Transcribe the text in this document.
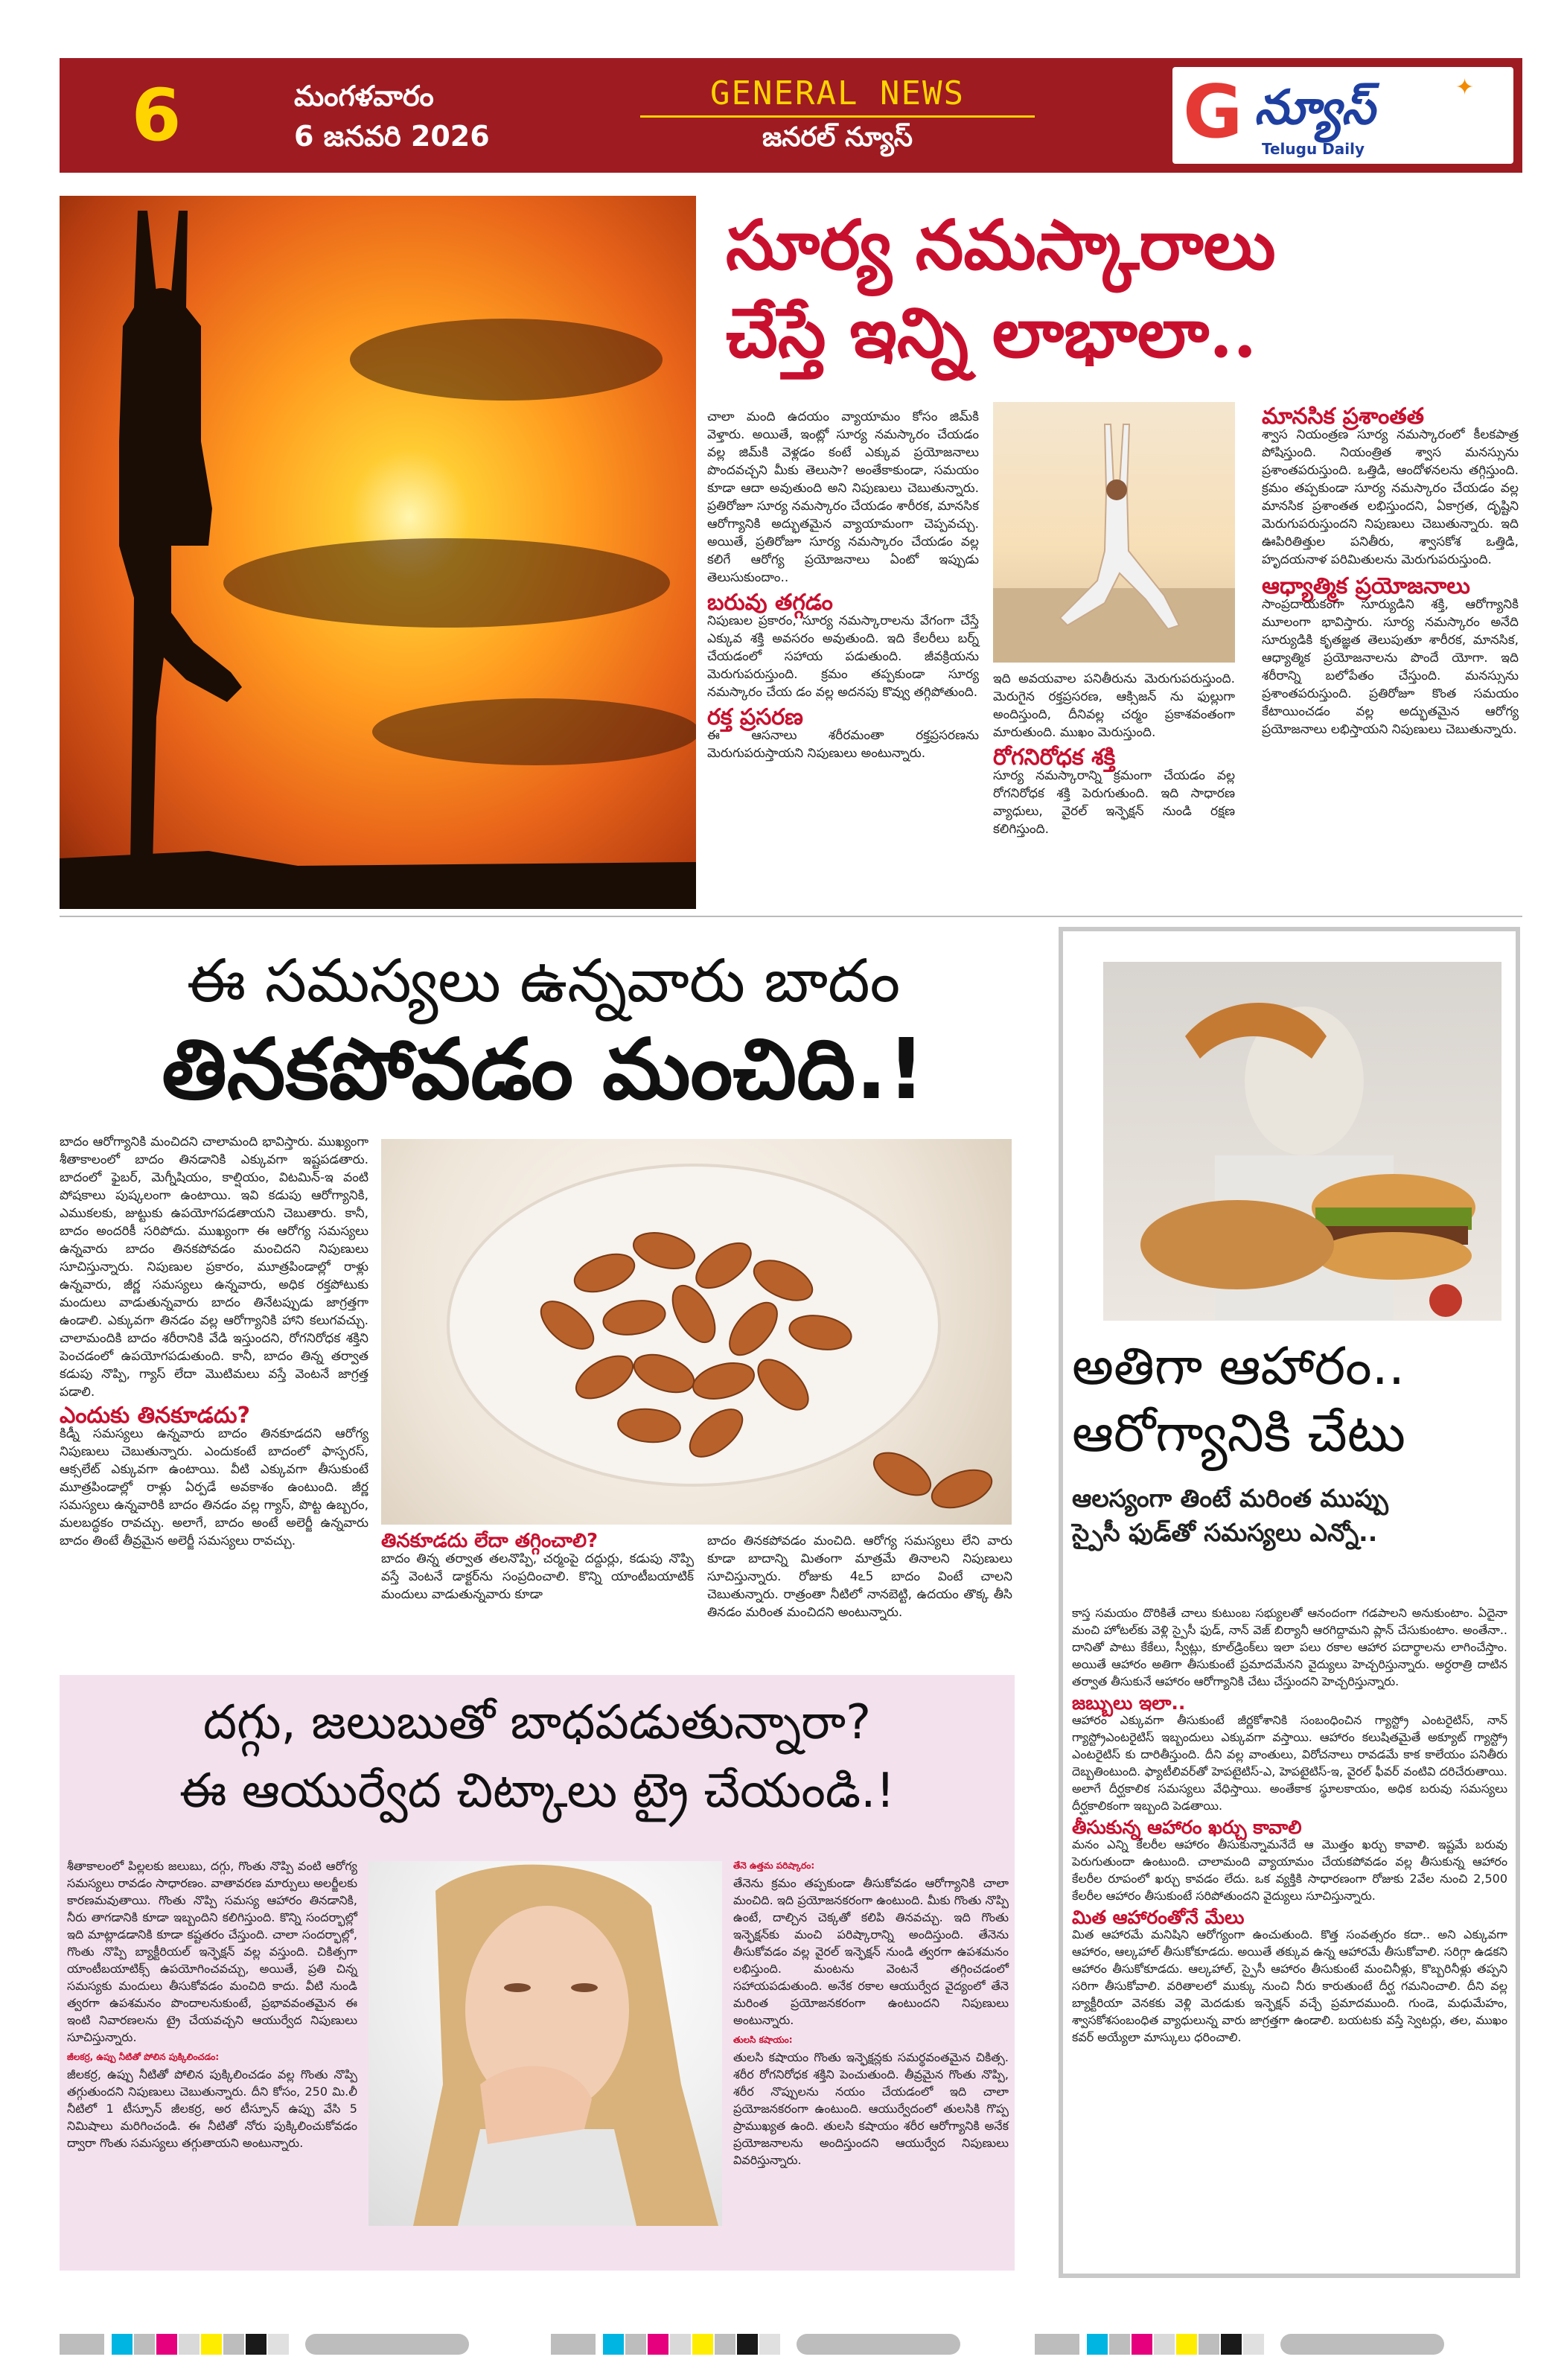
6	మంగళవారం
6 జనవరి 2026
GENERAL NEWS
జనరల్ న్యూస్	G న్యూస్	✦
Telugu Daily
సూర్య నమస్కారాలు
చేస్తే ఇన్ని లాభాలా..
చాలా మంది ఉదయం వ్యాయామం కోసం జిమ్‌కి వెళ్తారు. అయితే, ఇంట్లో సూర్య నమస్కారం చేయడం వల్ల జిమ్‌కి వెళ్లడం కంటే ఎక్కువ ప్రయోజనాలు పొందవచ్చని మీకు తెలుసా? అంతేకాకుండా, సమయం కూడా ఆదా అవుతుంది అని నిపుణులు చెబుతున్నారు. ప్రతిరోజూ సూర్య నమస్కారం చేయడం శారీరక, మానసిక ఆరోగ్యానికి అద్భుతమైన వ్యాయామంగా చెప్పవచ్చు. అయితే, ప్రతిరోజూ సూర్య నమస్కారం చేయడం వల్ల కలిగే ఆరోగ్య ప్రయోజనాలు ఏంటో ఇప్పుడు తెలుసుకుందాం..
బరువు తగ్గడం
నిపుణుల ప్రకారం, సూర్య నమస్కారాలను వేగంగా చేస్తే ఎక్కువ శక్తి అవసరం అవుతుంది. ఇది కేలరీలు బర్న్ చేయడంలో సహాయ పడుతుంది. జీవక్రియను మెరుగుపరుస్తుంది. క్రమం తప్పకుండా సూర్య నమస్కారం చేయ డం వల్ల అదనపు కొవ్వు తగ్గిపోతుంది.
రక్త ప్రసరణ
ఈ ఆసనాలు శరీరమంతా రక్తప్రసరణను మెరుగుపరుస్తాయని నిపుణులు అంటున్నారు.
ఇది అవయవాల పనితీరును మెరుగుపరుస్తుంది. మెరుగైన రక్తప్రసరణ, ఆక్సిజన్ ను ఫుల్లుగా అందిస్తుంది, దీనివల్ల చర్మం ప్రకాశవంతంగా మారుతుంది. ముఖం మెరుస్తుంది.
రోగనిరోధక శక్తి
సూర్య నమస్కారాన్ని క్రమంగా చేయడం వల్ల రోగనిరోధక శక్తి పెరుగుతుంది. ఇది సాధారణ వ్యాధులు, వైరల్ ఇన్ఫెక్షన్ నుండి రక్షణ కలిగిస్తుంది.
మానసిక ప్రశాంతత
శ్వాస నియంత్రణ సూర్య నమస్కారంలో కీలకపాత్ర పోషిస్తుంది. నియంత్రిత శ్వాస మనస్సును ప్రశాంతపరుస్తుంది. ఒత్తిడి, ఆందోళనలను తగ్గిస్తుంది. క్రమం తప్పకుండా సూర్య నమస్కారం చేయడం వల్ల మానసిక ప్రశాంతత లభిస్తుందని, ఏకాగ్రత, దృష్టిని మెరుగుపరుస్తుందని నిపుణులు చెబుతున్నారు. ఇది ఊపిరితిత్తుల పనితీరు, శ్వాసకోశ ఒత్తిడి, హృదయనాళ పరిమితులను మెరుగుపరుస్తుంది.
ఆధ్యాత్మిక ప్రయోజనాలు
సాంప్రదాయకంగా సూర్యుడిని శక్తి, ఆరోగ్యానికి మూలంగా భావిస్తారు. సూర్య నమస్కారం అనేది సూర్యుడికి కృతజ్ఞత తెలుపుతూ శారీరక, మానసిక, ఆధ్యాత్మిక ప్రయోజనాలను పొందే యోగా. ఇది శరీరాన్ని బలోపేతం చేస్తుంది. మనస్సును ప్రశాంతపరుస్తుంది. ప్రతిరోజూ కొంత సమయం కేటాయించడం వల్ల అద్భుతమైన ఆరోగ్య ప్రయోజనాలు లభిస్తాయని నిపుణులు చెబుతున్నారు.
ఈ సమస్యలు ఉన్నవారు బాదం
తినకపోవడం మంచిది.!
బాదం ఆరోగ్యానికి మంచిదని చాలామంది భావిస్తారు. ముఖ్యంగా శీతాకాలంలో బాదం తినడానికి ఎక్కువగా ఇష్టపడతారు. బాదంలో ఫైబర్, మెగ్నీషియం, కాల్షియం, విటమిన్-ఇ వంటి పోషకాలు పుష్కలంగా ఉంటాయి. ఇవి కడుపు ఆరోగ్యానికి, ఎముకలకు, జుట్టుకు ఉపయోగపడతాయని చెబుతారు. కానీ, బాదం అందరికీ సరిపోదు. ముఖ్యంగా ఈ ఆరోగ్య సమస్యలు ఉన్నవారు బాదం తినకపోవడం మంచిదని నిపుణులు సూచిస్తున్నారు. నిపుణుల ప్రకారం, మూత్రపిండాల్లో రాళ్లు ఉన్నవారు, జీర్ణ సమస్యలు ఉన్నవారు, అధిక రక్తపోటుకు మందులు వాడుతున్నవారు బాదం తినేటప్పుడు జాగ్రత్తగా ఉండాలి. ఎక్కువగా తినడం వల్ల ఆరోగ్యానికి హాని కలుగవచ్చు. చాలామందికి బాదం శరీరానికి వేడి ఇస్తుందని, రోగనిరోధక శక్తిని పెంచడంలో ఉపయోగపడుతుంది. కానీ, బాదం తిన్న తర్వాత కడుపు నొప్పి, గ్యాస్ లేదా మొటిమలు వస్తే వెంటనే జాగ్రత్త పడాలి.
ఎందుకు తినకూడదు?
కిడ్నీ సమస్యలు ఉన్నవారు బాదం తినకూడదని ఆరోగ్య నిపుణులు చెబుతున్నారు. ఎందుకంటే బాదంలో ఫాస్ఫరస్, ఆక్సలేట్ ఎక్కువగా ఉంటాయి. వీటి ఎక్కువగా తీసుకుంటే మూత్రపిండాల్లో రాళ్లు ఏర్పడే అవకాశం ఉంటుంది. జీర్ణ సమస్యలు ఉన్నవారికి బాదం తినడం వల్ల గ్యాస్, పొట్ట ఉబ్బరం, మలబద్ధకం రావచ్చు. అలాగే, బాదం అంటే అలెర్జీ ఉన్నవారు బాదం తింటే తీవ్రమైన అలెర్జీ సమస్యలు రావచ్చు.	తినకూడదు లేదా తగ్గించాలి?
బాదం తిన్న తర్వాత తలనొప్పి, చర్మంపై దద్దుర్లు, కడుపు నొప్పి వస్తే వెంటనే డాక్టర్‌ను సంప్రదించాలి. కొన్ని యాంటీబయాటిక్ మందులు వాడుతున్నవారు కూడా
బాదం తినకపోవడం మంచిది. ఆరోగ్య సమస్యలు లేని వారు కూడా బాదాన్ని మితంగా మాత్రమే తినాలని నిపుణులు సూచిస్తున్నారు. రోజుకు 4ఽ5 బాదం వింటే చాలని చెబుతున్నారు. రాత్రంతా నీటిలో నానబెట్టి, ఉదయం తొక్క తీసి తినడం మరింత మంచిదని అంటున్నారు.
అతిగా ఆహారం..
ఆరోగ్యానికి చేటు
ఆలస్యంగా తింటే మరింత ముప్పు
స్పైసీ ఫుడ్‌తో సమస్యలు ఎన్నో..
కాస్త సమయం దొరికితే చాలు కుటుంబ సభ్యులతో ఆనందంగా గడపాలని అనుకుంటాం. ఏదైనా మంచి హోటల్‌కు వెళ్లి స్పైసీ ఫుడ్, నాన్ వెజ్ బిర్యానీ ఆరగిద్దామని ప్లాన్ చేసుకుంటాం. అంతేనా.. దానితో పాటు కేకేలు, స్వీట్లు, కూల్‌డ్రింక్‌లు ఇలా పలు రకాల ఆహార పదార్థాలను లాగించేస్తాం. అయితే ఆహారం అతిగా తీసుకుంటే ప్రమాదమేనని వైద్యులు హెచ్చరిస్తున్నారు. అర్ధరాత్రి దాటిన తర్వాత తీసుకునే ఆహారం ఆరోగ్యానికి చేటు చేస్తుందని హెచ్చరిస్తున్నారు.
జబ్బులు ఇలా..
ఆహారం ఎక్కువగా తీసుకుంటే జీర్ణకోశానికి సంబంధించిన గ్యాస్ట్రో ఎంటరైటిస్, నాన్ గ్యాస్ట్రోఎంటరైటిస్ ఇబ్బందులు ఎక్కువగా వస్తాయి. ఆహారం కలుషితమైతే అక్యూట్ గ్యాస్ట్రో ఎంటరైటిస్ కు దారితీస్తుంది. దీని వల్ల వాంతులు, విరోచనాలు రావడమే కాక కాలేయం పనితీరు దెబ్బతింటుంది. ఫ్యాటీలివర్‌తో హెపటైటిస్-ఎ, హెపటైటిస్-ఇ, వైరల్ ఫీవర్ వంటివి దరిచేరుతాయి. అలాగే దీర్ఘకాలిక సమస్యలు వేధిస్తాయి. అంతేకాక స్థూలకాయం, అధిక బరువు సమస్యలు దీర్ఘకాలికంగా ఇబ్బంది పెడతాయి.
తీసుకున్న ఆహారం ఖర్చు కావాలి
మనం ఎన్ని కేలరీల ఆహారం తీసుకున్నామనేదే ఆ మొత్తం ఖర్చు కావాలి. ఇష్టమే బరువు పెరుగుతుందా ఉంటుంది. చాలామంది వ్యాయామం చేయకపోవడం వల్ల తీసుకున్న ఆహారం కేలరీల రూపంలో ఖర్చు కావడం లేదు. ఒక వ్యక్తికి సాధారణంగా రోజుకు 2వేల నుంచి 2,500 కేలరీల ఆహారం తీసుకుంటే సరిపోతుందని వైద్యులు సూచిస్తున్నారు.
మిత ఆహారంతోనే మేలు
మిత ఆహారమే మనిషిని ఆరోగ్యంగా ఉంచుతుంది. కొత్త సంవత్సరం కదా.. అని ఎక్కువగా ఆహారం, ఆల్కహాల్ తీసుకోకూడదు. అయితే తక్కువ ఉన్న ఆహారమే తీసుకోవాలి. సరిగ్గా ఉడకని ఆహారం తీసుకోకూడదు. ఆల్కహాల్, స్పైసీ ఆహారం తీసుకుంటే మంచినీళ్లు, కొబ్బరినీళ్లు తప్పని సరిగా తీసుకోవాలి. వరితాలలో ముక్కు నుంచి నీరు కారుతుంటే దీర్ఘ గమనించాలి. దీని వల్ల బ్యాక్టీరియా వెనకకు వెళ్లి మెదడుకు ఇన్ఫెక్షన్ వచ్చే ప్రమాదముంది. గుండె, మధుమేహం, శ్వాసకోశసంబంధిత వ్యాధులున్న వారు జాగ్రత్తగా ఉండాలి. బయటకు వస్తే స్వెటర్లు, తల, ముఖం కవర్ అయ్యేలా మాస్కులు ధరించాలి.
దగ్గు, జలుబుతో బాధపడుతున్నారా?
ఈ ఆయుర్వేద చిట్కాలు ట్రై చేయండి.!
శీతాకాలంలో పిల్లలకు జలుబు, దగ్గు, గొంతు నొప్పి వంటి ఆరోగ్య సమస్యలు రావడం సాధారణం. వాతావరణ మార్పులు అలర్జీలకు కారణమవుతాయి. గొంతు నొప్పి సమస్య ఆహారం తినడానికి, నీరు తాగడానికి కూడా ఇబ్బందిని కలిగిస్తుంది. కొన్ని సందర్భాల్లో ఇది మాట్లాడడానికి కూడా కష్టతరం చేస్తుంది. చాలా సందర్భాల్లో, గొంతు నొప్పి బ్యాక్టీరియల్ ఇన్ఫెక్షన్ వల్ల వస్తుంది. చికిత్సగా యాంటీబయాటిక్స్ ఉపయోగించవచ్చు, అయితే, ప్రతి చిన్న సమస్యకు మందులు తీసుకోవడం మంచిది కాదు. వీటి నుండి త్వరగా ఉపశమనం పొందాలనుకుంటే, ప్రభావవంతమైన ఈ ఇంటి నివారణలను ట్రై చేయవచ్చని ఆయుర్వేద నిపుణులు సూచిస్తున్నారు.
జీలకర్ర, ఉప్పు నీటితో పోలిన పుక్కిలించడం:
జీలకర్ర, ఉప్పు నీటితో పోలిన పుక్కిలించడం వల్ల గొంతు నొప్పి తగ్గుతుందని నిపుణులు చెబుతున్నారు. దీని కోసం, 250 మి.లీ నీటిలో 1 టీస్పూన్ జీలకర్ర, అర టీస్పూన్ ఉప్పు వేసి 5 నిమిషాలు మరిగించండి. ఈ నీటితో నోరు పుక్కిలించుకోవడం ద్వారా గొంతు సమస్యలు తగ్గుతాయని అంటున్నారు.
తేనె ఉత్తమ పరిష్కారం:
తేనెను క్రమం తప్పకుండా తీసుకోవడం ఆరోగ్యానికి చాలా మంచిది. ఇది ప్రయోజనకరంగా ఉంటుంది. మీకు గొంతు నొప్పి ఉంటే, దాల్చిన చెక్కతో కలిపి తినవచ్చు. ఇది గొంతు ఇన్ఫెక్షన్‌కు మంచి పరిష్కారాన్ని అందిస్తుంది. తేనెను తీసుకోవడం వల్ల వైరల్ ఇన్ఫెక్షన్ నుండి త్వరగా ఉపశమనం లభిస్తుంది. మంటను వెంటనే తగ్గించడంలో సహాయపడుతుంది. అనేక రకాల ఆయుర్వేద వైద్యంలో తేనె మరింత ప్రయోజనకరంగా ఉంటుందని నిపుణులు అంటున్నారు.
తులసి కషాయం:
తులసి కషాయం గొంతు ఇన్ఫెక్షన్లకు సమర్థవంతమైన చికిత్స. శరీర రోగనిరోధక శక్తిని పెంచుతుంది. తీవ్రమైన గొంతు నొప్పి, శరీర నొప్పులను నయం చేయడంలో ఇది చాలా ప్రయోజనకరంగా ఉంటుంది. ఆయుర్వేదంలో తులసికి గొప్ప ప్రాముఖ్యత ఉంది. తులసి కషాయం శరీర ఆరోగ్యానికి అనేక ప్రయోజనాలను అందిస్తుందని ఆయుర్వేద నిపుణులు వివరిస్తున్నారు.
